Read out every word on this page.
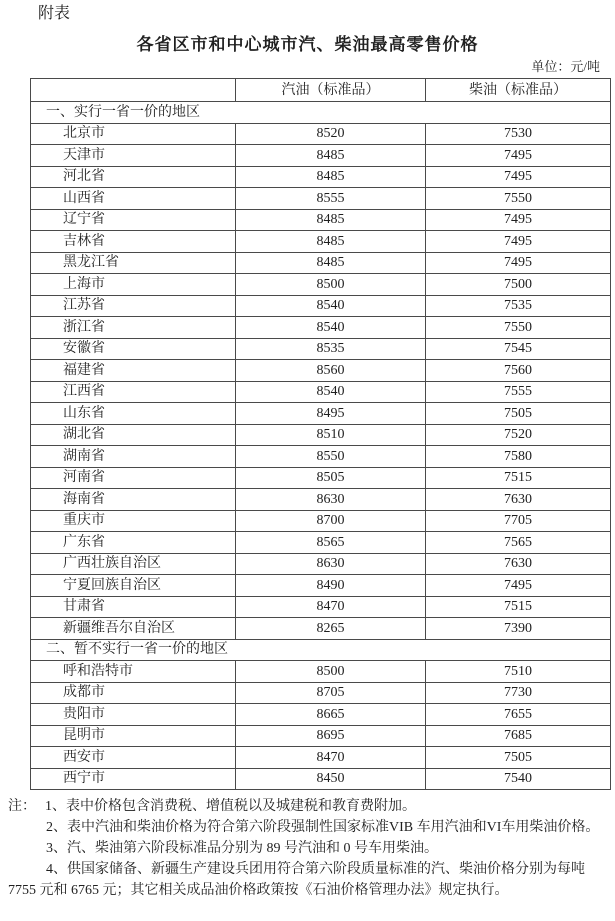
附表
各省区市和中心城市汽、柴油最高零售价格
单位：元/吨
	汽油（标准品）	柴油（标准品）
一、实行一省一价的地区		
北京市	8520	7530
天津市	8485	7495
河北省	8485	7495
山西省	8555	7550
辽宁省	8485	7495
吉林省	8485	7495
黑龙江省	8485	7495
上海市	8500	7500
江苏省	8540	7535
浙江省	8540	7550
安徽省	8535	7545
福建省	8560	7560
江西省	8540	7555
山东省	8495	7505
湖北省	8510	7520
湖南省	8550	7580
河南省	8505	7515
海南省	8630	7630
重庆市	8700	7705
广东省	8565	7565
广西壮族自治区	8630	7630
宁夏回族自治区	8490	7495
甘肃省	8470	7515
新疆维吾尔自治区	8265	7390
二、暂不实行一省一价的地区		
呼和浩特市	8500	7510
成都市	8705	7730
贵阳市	8665	7655
昆明市	8695	7685
西安市	8470	7505
西宁市	8450	7540

注： 1、表中价格包含消费税、增值税以及城建税和教育费附加。

2、表中汽油和柴油价格为符合第六阶段强制性国家标准VIB 车用汽油和VI车用柴油价格。

3、汽、柴油第六阶段标准品分别为 89 号汽油和 0 号车用柴油。

4、供国家储备、新疆生产建设兵团用符合第六阶段质量标准的汽、柴油价格分别为每吨 7755 元和 6765 元；其它相关成品油价格政策按《石油价格管理办法》规定执行。
